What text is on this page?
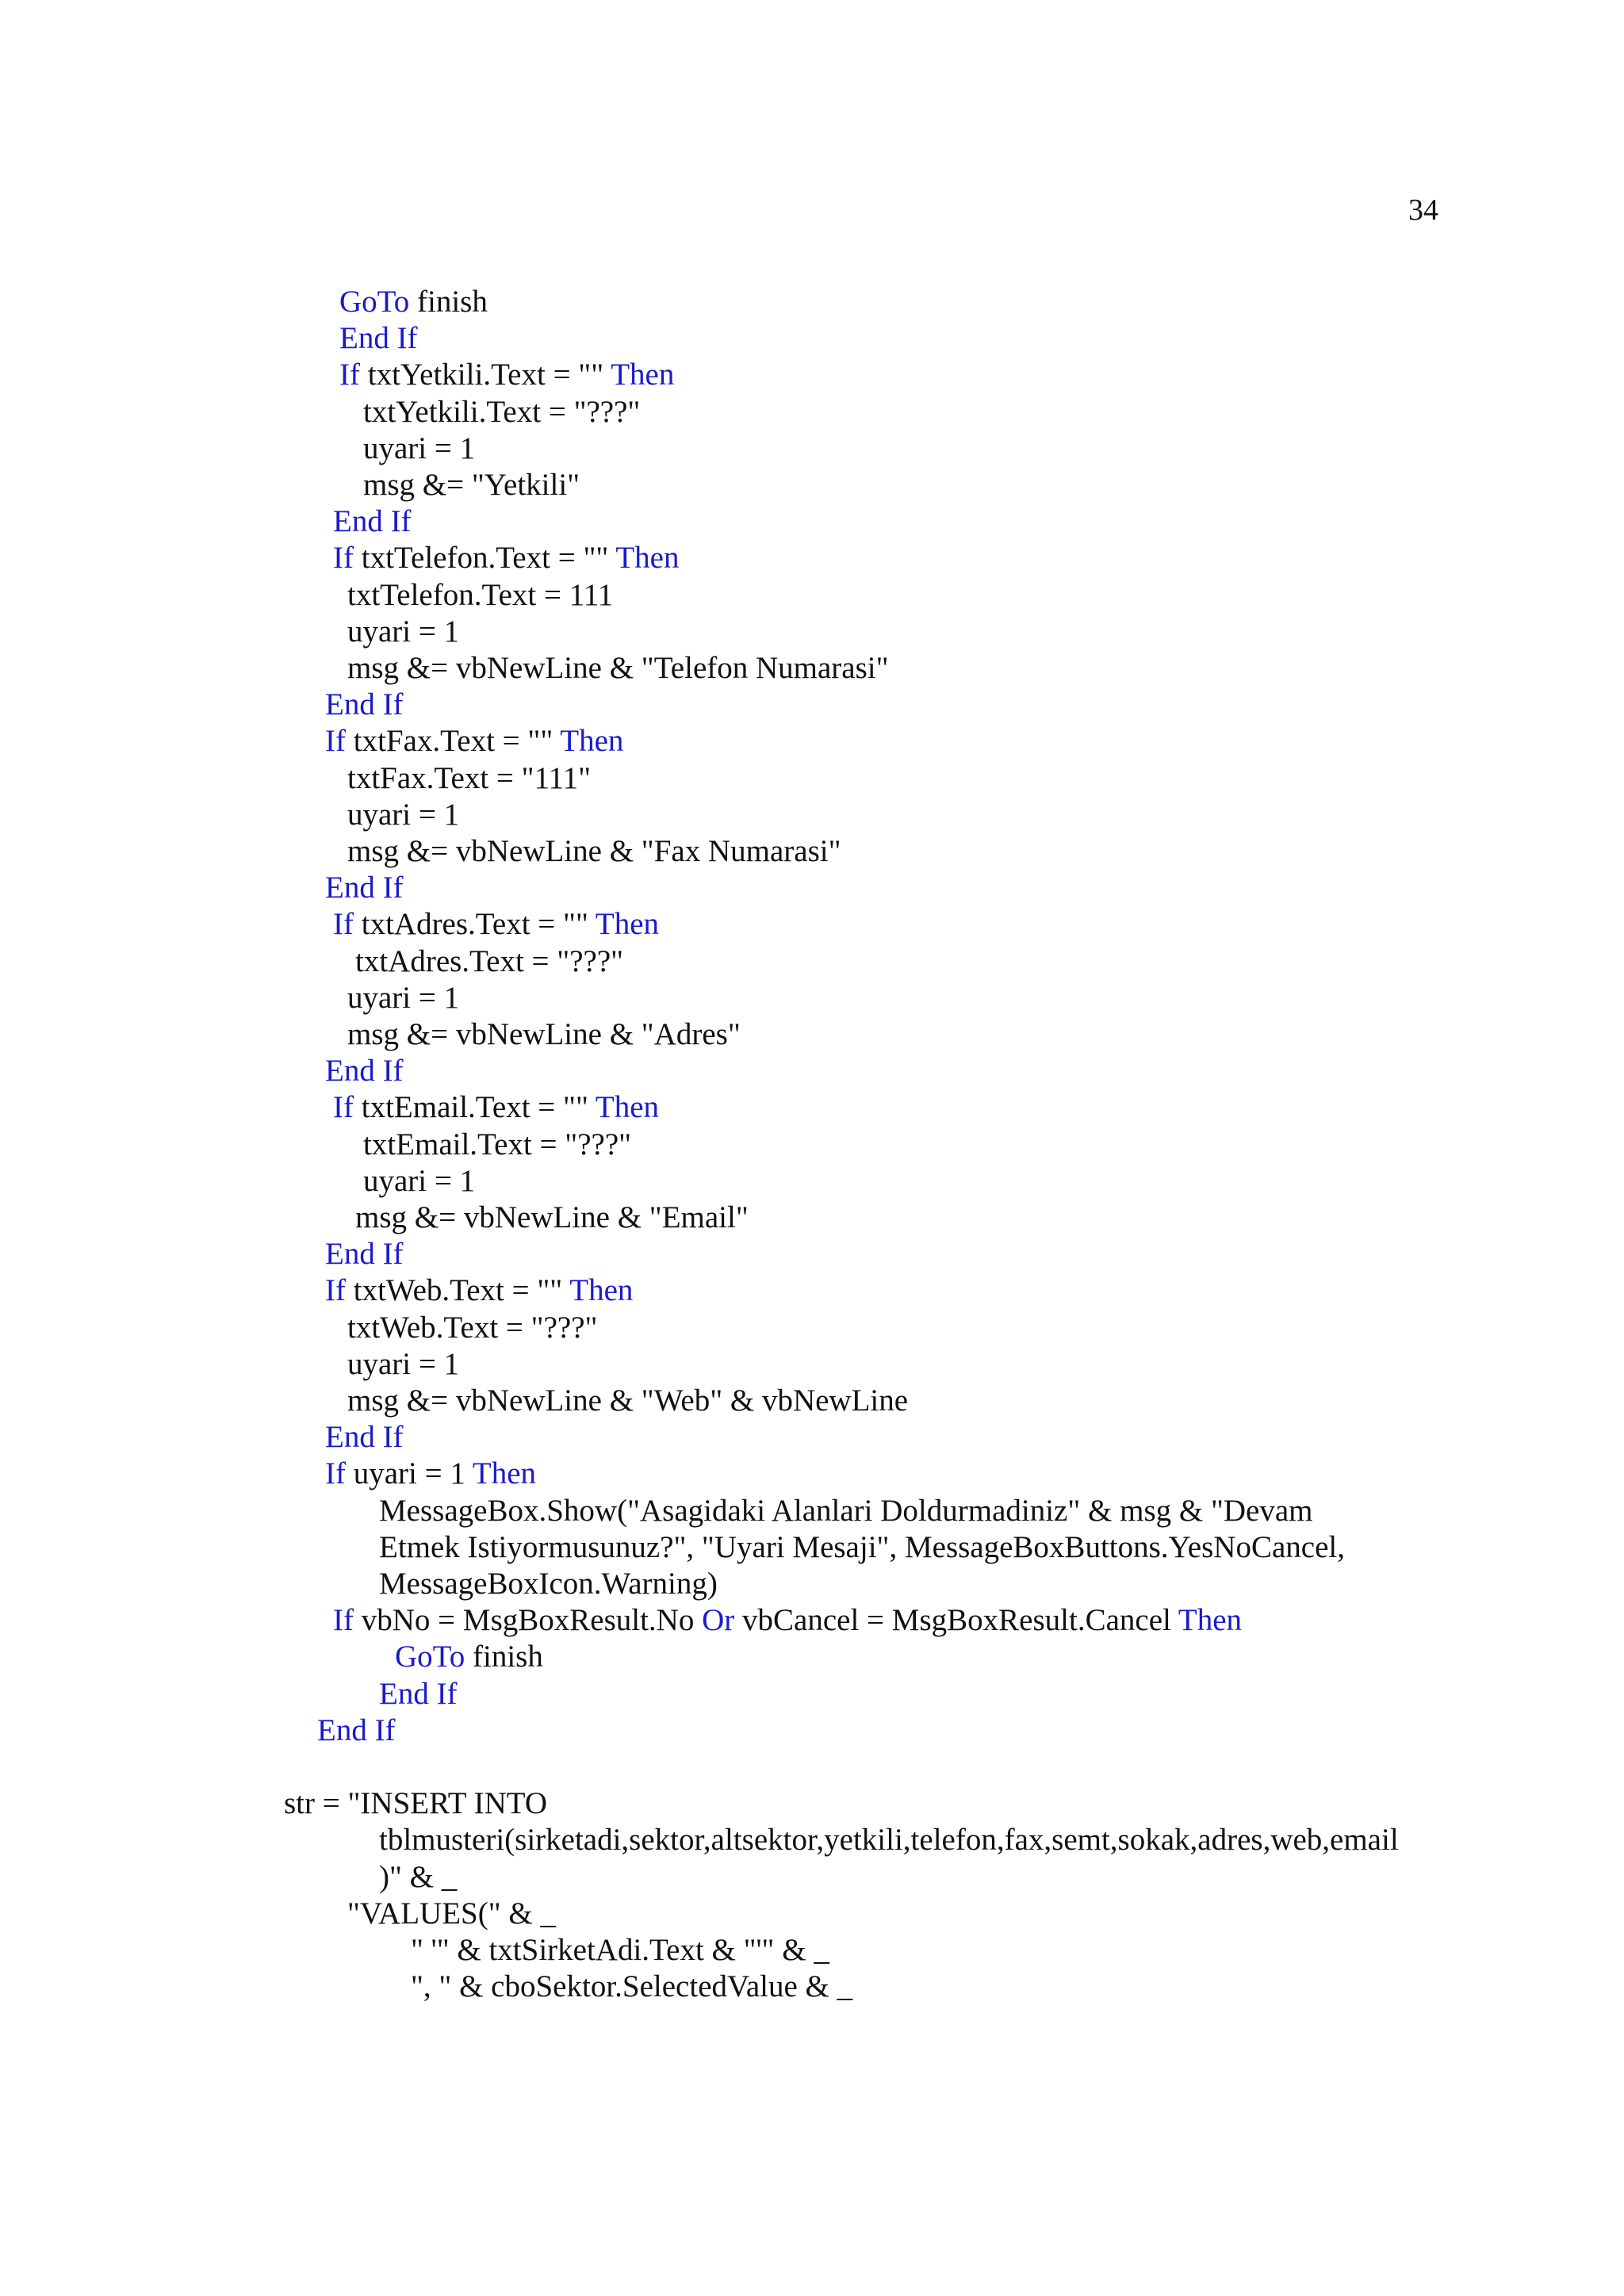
34
GoTo finish
End If
If txtYetkili.Text = "" Then
txtYetkili.Text = "???"
uyari = 1
msg &= "Yetkili"
End If
If txtTelefon.Text = "" Then
txtTelefon.Text = 111
uyari = 1
msg &= vbNewLine & "Telefon Numarasi"
End If
If txtFax.Text = "" Then
txtFax.Text = "111"
uyari = 1
msg &= vbNewLine & "Fax Numarasi"
End If
If txtAdres.Text = "" Then
txtAdres.Text = "???"
uyari = 1
msg &= vbNewLine & "Adres"
End If
If txtEmail.Text = "" Then
txtEmail.Text = "???"
uyari = 1
msg &= vbNewLine & "Email"
End If
If txtWeb.Text = "" Then
txtWeb.Text = "???"
uyari = 1
msg &= vbNewLine & "Web" & vbNewLine
End If
If uyari = 1 Then
MessageBox.Show("Asagidaki Alanlari Doldurmadiniz" & msg & "Devam
Etmek Istiyormusunuz?", "Uyari Mesaji", MessageBoxButtons.YesNoCancel,
MessageBoxIcon.Warning)
If vbNo = MsgBoxResult.No Or vbCancel = MsgBoxResult.Cancel Then
GoTo finish
End If
End If
str = "INSERT INTO
tblmusteri(sirketadi,sektor,altsektor,yetkili,telefon,fax,semt,sokak,adres,web,email
)" & _
"VALUES(" & _
" '" & txtSirketAdi.Text & "'" & _
", " & cboSektor.SelectedValue & _
